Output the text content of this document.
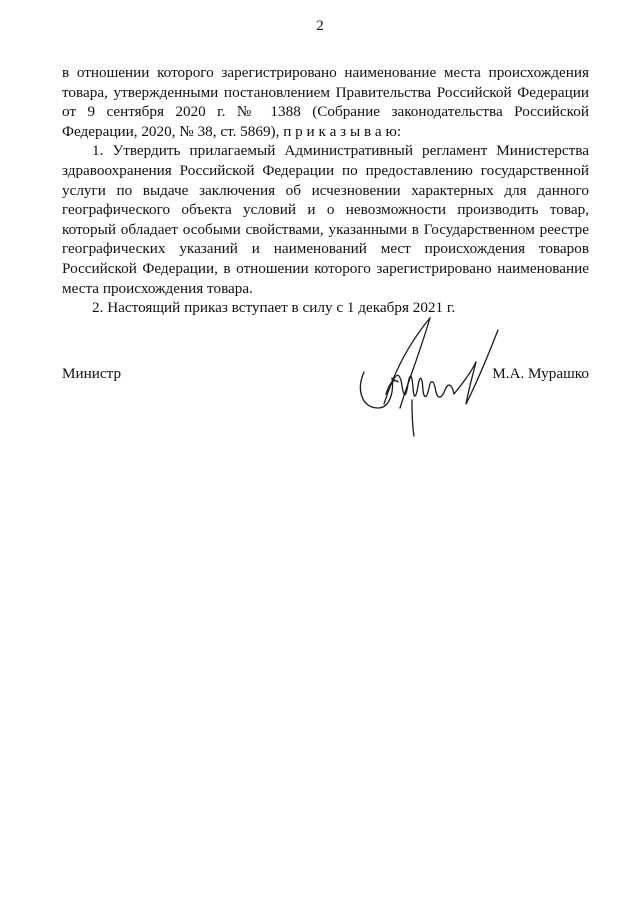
2

в отношении которого зарегистрировано наименование места происхождения товара, утвержденными постановлением Правительства Российской Федерации от 9 сентября 2020 г. № 1388 (Собрание законодательства Российской Федерации, 2020, № 38, ст. 5869), п р и к а з ы в а ю:

1. Утвердить прилагаемый Административный регламент Министерства здравоохранения Российской Федерации по предоставлению государственной услуги по выдаче заключения об исчезновении характерных для данного географического объекта условий и о невозможности производить товар, который обладает особыми свойствами, указанными в Государственном реестре географических указаний и наименований мест происхождения товаров Российской Федерации, в отношении которого зарегистрировано наименование места происхождения товара.

2. Настоящий приказ вступает в силу с 1 декабря 2021 г.

Министр	М.А. Мурашко
